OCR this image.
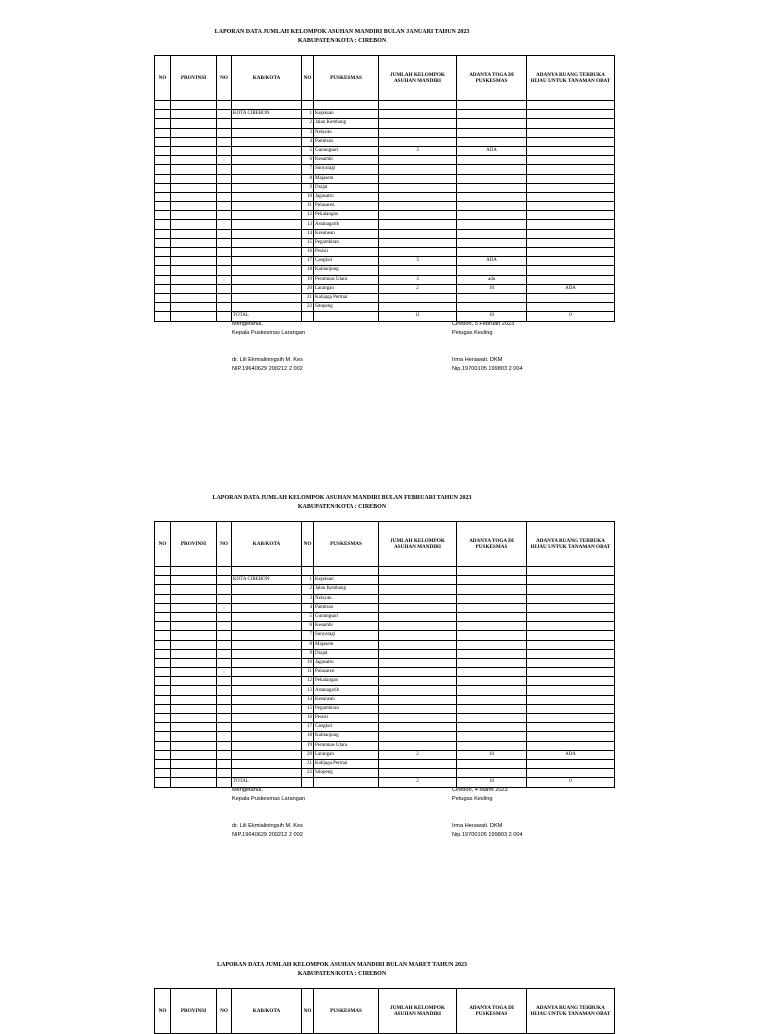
LAPORAN DATA JUMLAH KELOMPOK ASUHAN MANDIRI BULAN JANUARI TAHUN 2023
KABUPATEN/KOTA : CIREBON
NO	PROVINSI	NO	KAB/KOTA	NO	PUSKESMAS	JUMLAH KELOMPOK ASUHAN MANDIRI	ADANYA TOGA DI PUSKESMAS	ADANYA RUANG TERBUKA HIJAU UNTUK TANAMAN OBAT

			KOTA CIREBON	1	Kejaksan			
				2	Jalan Kembang			
				3	Nelayan			
				4	Pamitran			
				5	Gunungsari	3	ADA	
				6	Kesambi			
				7	Sunyaragi			
				8	Majasem			
				9	Drajat			
				10	Jagasatru			
				11	Pulasaren			
				12	Pekalangan			
				13	Astanagarib			
				14	Kesunean			
				15	Pegambiran			
				16	Pesisir			
				17	Cangkol	3	ADA	
				18	Kalitanjung			
				19	Perumnas Utara	3	ada	
				20	Larangan	2	10	ADA
				21	Kalijaga Permai			
				22	Sitopeng			
			TOTAL			11	10	0
Mengetahui,
Kepala Puskesmas Larangan
dr. Lili Ekmialiningsih M. Kes
NIP.19640629 200212 2 002
Cirebon, 5 Februari 2023
Petugas Kesling
Irma Herawati. DKM
Nip.19700105 199803 2 004
LAPORAN DATA JUMLAH KELOMPOK ASUHAN MANDIRI BULAN FEBRUARI TAHUN 2023
KABUPATEN/KOTA : CIREBON
NO	PROVINSI	NO	KAB/KOTA	NO	PUSKESMAS	JUMLAH KELOMPOK ASUHAN MANDIRI	ADANYA TOGA DI PUSKESMAS	ADANYA RUANG TERBUKA HIJAU UNTUK TANAMAN OBAT

			KOTA CIREBON	1	Kejaksan			
				2	Jalan Kembang			
				3	Nelayan			
				4	Pamitran			
				5	Gunungsari			
				6	Kesambi			
				7	Sunyaragi			
				8	Majasem			
				9	Drajat			
				10	Jagasatru			
				11	Pulasaren			
				12	Pekalangan			
				13	Astanagarib			
				14	Kesunean			
				15	Pegambiran			
				16	Pesisir			
				17	Cangkol			
				18	Kalitanjung			
				19	Perumnas Utara			
				20	Larangan	2	10	ADA
				21	Kalijaga Permai			
				22	Sitopeng			
			TOTAL			2	10	0
Mengetahui,
Kepala Puskesmas Larangan
dr. Lili Ekmialiningsih M. Kes
NIP.19640629 200212 2 002
Cirebon, 4 Maret 2023
Petugas Kesling
Irma Herawati. DKM
Nip.19700105 199803 2 004
LAPORAN DATA JUMLAH KELOMPOK ASUHAN MANDIRI BULAN MARET TAHUN 2023
KABUPATEN/KOTA : CIREBON
NO	PROVINSI	NO	KAB/KOTA	NO	PUSKESMAS	JUMLAH KELOMPOK ASUHAN MANDIRI	ADANYA TOGA DI PUSKESMAS	ADANYA RUANG TERBUKA HIJAU UNTUK TANAMAN OBAT
